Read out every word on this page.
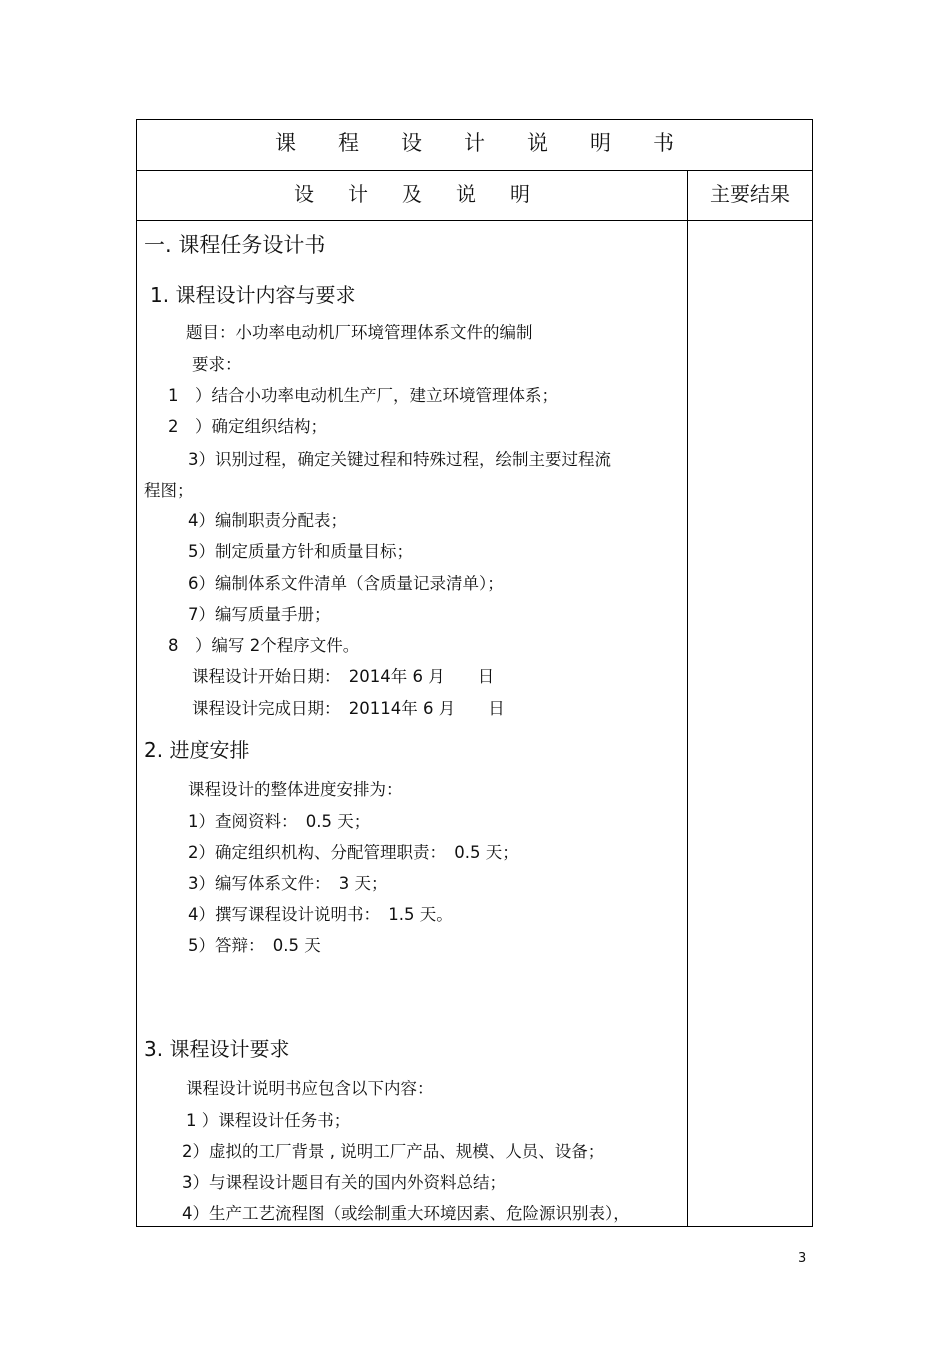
课程设计说明书
设计及说明	主要结果
一. 课程任务设计书
1. 课程设计内容与要求
题目：小功率电动机厂环境管理体系文件的编制
要求：
1　）结合小功率电动机生产厂，建立环境管理体系；
2　）确定组织结构；
3）识别过程，确定关键过程和特殊过程，绘制主要过程流
程图；
4）编制职责分配表；
5）制定质量方针和质量目标；
6）编制体系文件清单（含质量记录清单）；
7）编写质量手册；
8　）编写 2个程序文件。
课程设计开始日期：　2014年 6 月　　日
课程设计完成日期：　20114年 6 月　　日
2. 进度安排
课程设计的整体进度安排为：
1）查阅资料：　0.5 天；
2）确定组织机构、分配管理职责：　0.5 天；
3）编写体系文件：　3 天；
4）撰写课程设计说明书：　1.5 天。
5）答辩：　0.5 天
3. 课程设计要求
课程设计说明书应包含以下内容：
1 ）课程设计任务书；
2）虚拟的工厂背景 , 说明工厂产品、规模、人员、设备；
3）与课程设计题目有关的国内外资料总结；
4）生产工艺流程图（或绘制重大环境因素、危险源识别表），
3
